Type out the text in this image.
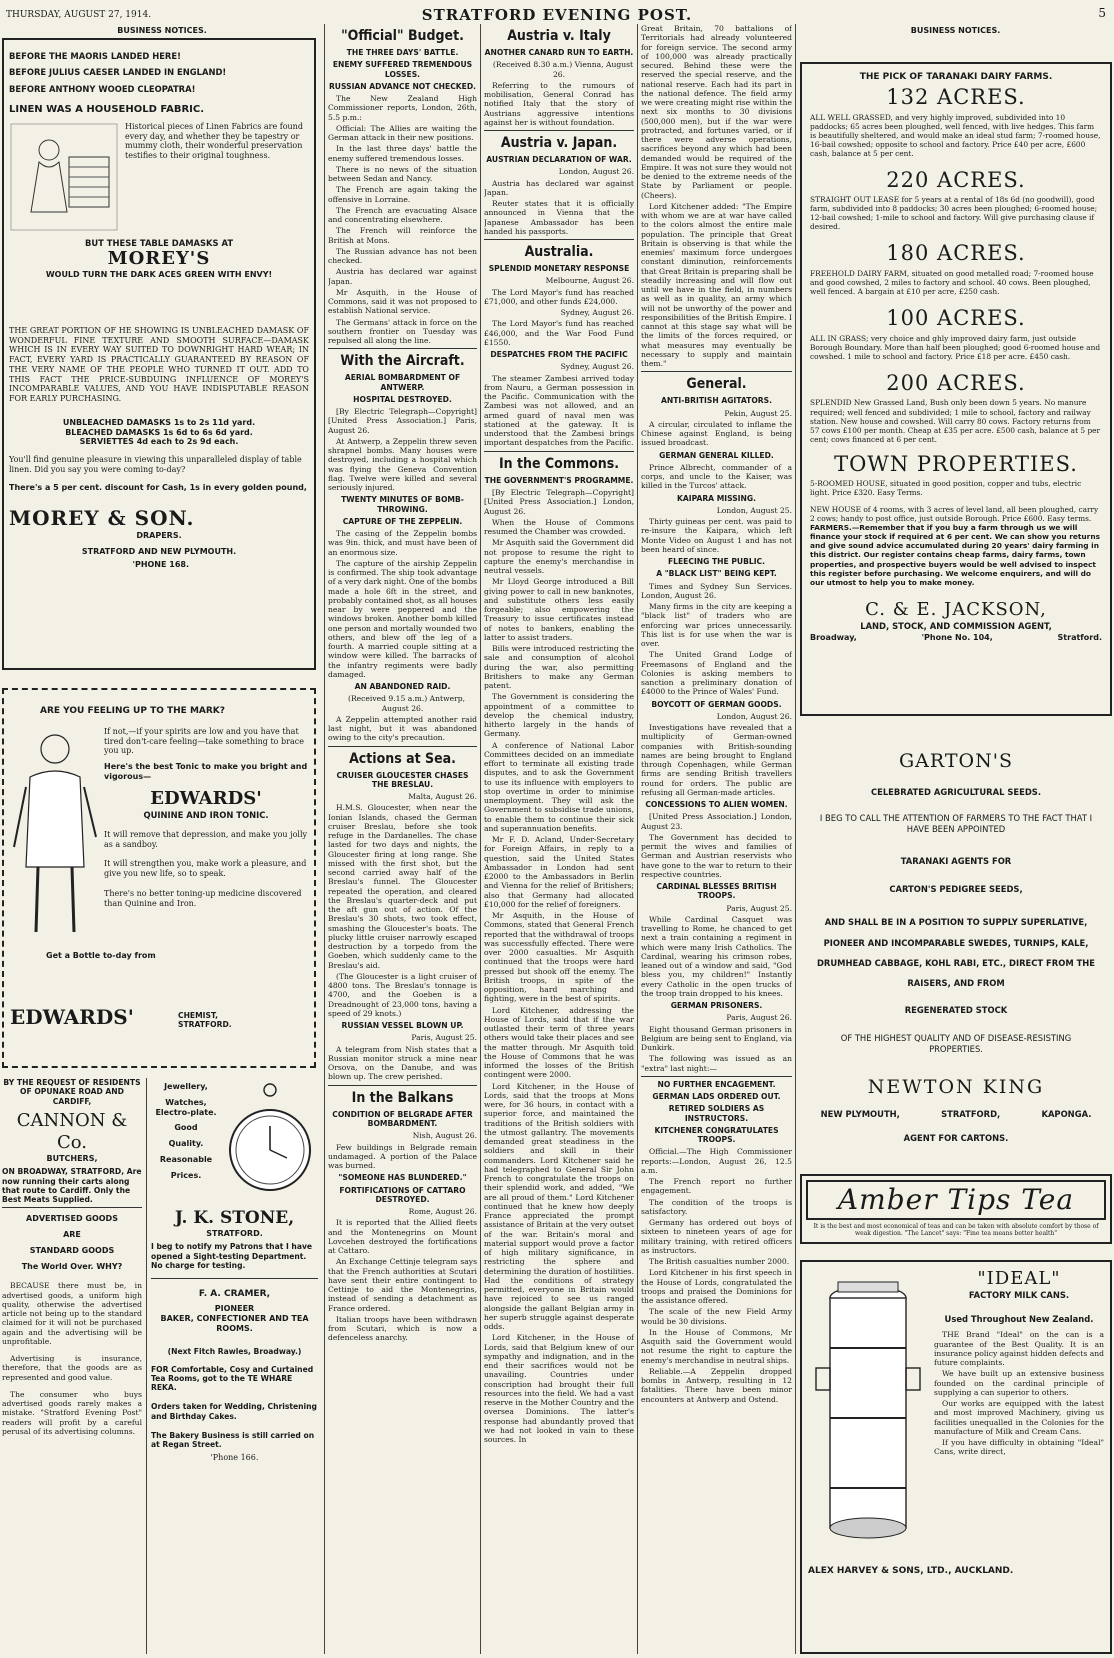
THURSDAY, AUGUST 27, 1914.	STRATFORD EVENING POST.	5
BUSINESS NOTICES.
BEFORE THE MAORIS LANDED HERE!
BEFORE JULIUS CAESER LANDED IN ENGLAND!
BEFORE ANTHONY WOOED CLEOPATRA!
LINEN WAS A HOUSEHOLD FABRIC.
Historical pieces of Linen Fabrics are found every day, and whether they be tapestry or mummy cloth, their wonderful preservation testifies to their original toughness.
BUT THESE TABLE DAMASKS AT
MOREY'S
WOULD TURN THE DARK ACES GREEN WITH ENVY!
THE GREAT PORTION OF HE SHOWING IS UNBLEACHED DAMASK OF WONDERFUL FINE TEXTURE AND SMOOTH SURFACE—DAMASK WHICH IS IN EVERY WAY SUITED TO DOWNRIGHT HARD WEAR; IN FACT, EVERY YARD IS PRACTICALLY GUARANTEED BY REASON OF THE VERY NAME OF THE PEOPLE WHO TURNED IT OUT. ADD TO THIS FACT THE PRICE-SUBDUING INFLUENCE OF MOREY'S INCOMPARABLE VALUES, AND YOU HAVE INDISPUTABLE REASON FOR EARLY PURCHASING.
UNBLEACHED DAMASKS 1s to 2s 11d yard.
BLEACHED DAMASKS 1s 6d to 6s 6d yard.
SERVIETTES 4d each to 2s 9d each.
You'll find genuine pleasure in viewing this unparalleled display of table linen. Did you say you were coming to-day?
There's a 5 per cent. discount for Cash, 1s in every golden pound,
MOREY & SON.
DRAPERS.
STRATFORD AND NEW PLYMOUTH.
'PHONE 168.
ARE YOU FEELING UP TO THE MARK?
If not,—if your spirits are low and you have that tired don't-care feeling—take something to brace you up.
Here's the best Tonic to make you bright and vigorous—
EDWARDS'
QUININE AND IRON TONIC.
It will remove that depression, and make you jolly as a sandboy.
It will strengthen you, make work a pleasure, and give you new life, so to speak.
There's no better toning-up medicine discovered than Quinine and Iron.
Get a Bottle to-day from
EDWARDS'	CHEMIST, STRATFORD.
BY THE REQUEST OF RESIDENTS OF OPUNAKE ROAD AND CARDIFF,
CANNON & Co.
BUTCHERS,
ON BROADWAY, STRATFORD, Are now running their carts along that route to Cardiff. Only the Best Meats Supplied.
ADVERTISED GOODS
ARE
STANDARD GOODS
The World Over. WHY?

BECAUSE there must be, in advertised goods, a uniform high quality, otherwise the advertised article not being up to the standard claimed for it will not be purchased again and the advertising will be unprofitable.

Advertising is insurance, therefore, that the goods are as represented and good value.

The consumer who buys advertised goods rarely makes a mistake. "Stratford Evening Post" readers will profit by a careful perusal of its advertising columns.

Jewellery,
Watches, Electro-plate.
Good
Quality.
Reasonable
Prices.
J. K. STONE,
STRATFORD.
I beg to notify my Patrons that I have opened a Sight-testing Department. No charge for testing.
F. A. CRAMER,
PIONEER
BAKER, CONFECTIONER AND TEA ROOMS.
(Next Fitch Rawles, Broadway.)
FOR Comfortable, Cosy and Curtained Tea Rooms, got to the TE WHARE REKA.
Orders taken for Wedding, Christening and Birthday Cakes.
The Bakery Business is still carried on at Regan Street.
'Phone 166.
"Official" Budget.
THE THREE DAYS' BATTLE.
ENEMY SUFFERED TREMENDOUS LOSSES.
RUSSIAN ADVANCE NOT CHECKED.

The New Zealand High Commissioner reports, London, 26th, 5.5 p.m.:

Official: The Allies are waiting the German attack in their new positions.

In the last three days' battle the enemy suffered tremendous losses.

There is no news of the situation between Sedan and Nancy.

The French are again taking the offensive in Lorraine.

The French are evacuating Alsace and concentrating elsewhere.

The French will reinforce the British at Mons.

The Russian advance has not been checked.

Austria has declared war against Japan.

Mr Asquith, in the House of Commons, said it was not proposed to establish National service.

The Germans' attack in force on the southern frontier on Tuesday was repulsed all along the line.

With the Aircraft.
AERIAL BOMBARDMENT OF ANTWERP.
HOSPITAL DESTROYED.

[By Electric Telegraph—Copyright] [United Press Association.] Paris, August 26.

At Antwerp, a Zeppelin threw seven shrapnel bombs. Many houses were destroyed, including a hospital which was flying the Geneva Convention flag. Twelve were killed and several seriously injured.

TWENTY MINUTES OF BOMB-THROWING.
CAPTURE OF THE ZEPPELIN.

The casing of the Zeppelin bombs was 9in. thick, and must have been of an enormous size.

The capture of the airship Zeppelin is confirmed. The ship took advantage of a very dark night. One of the bombs made a hole 6ft in the street, and probably contained shot, as all houses near by were peppered and the windows broken. Another bomb killed one person and mortally wounded two others, and blew off the leg of a fourth. A married couple sitting at a window were killed. The barracks of the infantry regiments were badly damaged.

AN ABANDONED RAID.

(Received 9.15 a.m.) Antwerp, August 26.

A Zeppelin attempted another raid last night, but it was abandoned owing to the city's precaution.

Actions at Sea.
CRUISER GLOUCESTER CHASES THE BRESLAU.

Malta, August 26.

H.M.S. Gloucester, when near the Ionian Islands, chased the German cruiser Breslau, before she took refuge in the Dardanelles. The chase lasted for two days and nights, the Gloucester firing at long range. She missed with the first shot, but the second carried away half of the Breslau's funnel. The Gloucester repeated the operation, and cleared the Breslau's quarter-deck and put the aft gun out of action. Of the Breslau's 30 shots, two took effect, smashing the Gloucester's boats. The plucky little cruiser narrowly escaped destruction by a torpedo from the Goeben, which suddenly came to the Breslau's aid.

(The Gloucester is a light cruiser of 4800 tons. The Breslau's tonnage is 4700, and the Goeben is a Dreadnought of 23,000 tons, having a speed of 29 knots.)

RUSSIAN VESSEL BLOWN UP.

Paris, August 25.

A telegram from Nish states that a Russian monitor struck a mine near Orsova, on the Danube, and was blown up. The crew perished.

In the Balkans
CONDITION OF BELGRADE AFTER BOMBARDMENT.

Nish, August 26.

Few buildings in Belgrade remain undamaged. A portion of the Palace was burned.

"SOMEONE HAS BLUNDERED."
FORTIFICATIONS OF CATTARO DESTROYED.

Rome, August 26.

It is reported that the Allied fleets and the Montenegrins on Mount Lovcehen destroyed the fortifications at Cattaro.

An Exchange Cettinje telegram says that the French authorities at Scutari have sent their entire contingent to Cettinje to aid the Montenegrins, instead of sending a detachment as France ordered.

Italian troops have been withdrawn from Scutari, which is now a defenceless anarchy.

Austria v. Italy
ANOTHER CANARD RUN TO EARTH.

(Received 8.30 a.m.) Vienna, August 26.

Referring to the rumours of mobilisation, General Conrad has notified Italy that the story of Austrians aggressive intentions against her is without foundation.

Austria v. Japan.
AUSTRIAN DECLARATION OF WAR.

London, August 26.

Austria has declared war against Japan.

Reuter states that it is officially announced in Vienna that the Japanese Ambassador has been handed his passports.

Australia.
SPLENDID MONETARY RESPONSE

Melbourne, August 26.

The Lord Mayor's fund has reached £71,000, and other funds £24,000.

Sydney, August 26.

The Lord Mayor's fund has reached £46,000, and the War Food Fund £1550.

DESPATCHES FROM THE PACIFIC

Sydney, August 26.

The steamer Zambesi arrived today from Nauru, a German possession in the Pacific. Communication with the Zambesi was not allowed, and an armed guard of naval men was stationed at the gateway. It is understood that the Zambesi brings important despatches from the Pacific.

In the Commons.
THE GOVERNMENT'S PROGRAMME.

[By Electric Telegraph—Copyright] [United Press Association.] London, August 26.

When the House of Commons resumed the Chamber was crowded.

Mr Asquith said the Government did not propose to resume the right to capture the enemy's merchandise in neutral vessels.

Mr Lloyd George introduced a Bill giving power to call in new banknotes, and substitute others less easily forgeable; also empowering the Treasury to issue certificates instead of notes to bankers, enabling the latter to assist traders.

Bills were introduced restricting the sale and consumption of alcohol during the war, also permitting Britishers to make any German patent.

The Government is considering the appointment of a committee to develop the chemical industry, hitherto largely in the hands of Germany.

A conference of National Labor Committees decided on an immediate effort to terminate all existing trade disputes, and to ask the Government to use its influence with employers to stop overtime in order to minimise unemployment. They will ask the Government to subsidise trade unions, to enable them to continue their sick and superannuation benefits.

Mr F. D. Acland, Under-Secretary for Foreign Affairs, in reply to a question, said the United States Ambassador in London had sent £2000 to the Ambassadors in Berlin and Vienna for the relief of Britishers; also that Germany had allocated £10,000 for the relief of foreigners.

Mr Asquith, in the House of Commons, stated that General French reported that the withdrawal of troops was successfully effected. There were over 2000 casualties. Mr Asquith continued that the troops were hard pressed but shook off the enemy. The British troops, in spite of the opposition, hard marching and fighting, were in the best of spirits.

Lord Kitchener, addressing the House of Lords, said that if the war outlasted their term of three years others would take their places and see the matter through. Mr Asquith told the House of Commons that he was informed the losses of the British contingent were 2000.

Lord Kitchener, in the House of Lords, said that the troops at Mons were, for 36 hours, in contact with a superior force, and maintained the traditions of the British soldiers with the utmost gallantry. The movements demanded great steadiness in the soldiers and skill in their commanders. Lord Kitchener said he had telegraphed to General Sir John French to congratulate the troops on their splendid work, and added, "We are all proud of them." Lord Kitchener continued that he knew how deeply France appreciated the prompt assistance of Britain at the very outset of the war. Britain's moral and material support would prove a factor of high military significance, in restricting the sphere and determining the duration of hostilities. Had the conditions of strategy permitted, everyone in Britain would have rejoiced to see us ranged alongside the gallant Belgian army in her superb struggle against desperate odds.

Lord Kitchener, in the House of Lords, said that Belgium knew of our sympathy and indignation, and in the end their sacrifices would not be unavailing. Countries under conscription had brought their full resources into the field. We had a vast reserve in the Mother Country and the oversea Dominions. The latter's response had abundantly proved that we had not looked in vain to these sources. In

Great Britain, 70 battalions of Territorials had already volunteered for foreign service. The second army of 100,000 was already practically secured. Behind these were the reserved the special reserve, and the national reserve. Each had its part in the national defence. The field army we were creating might rise within the next six months to 30 divisions (500,000 men), but if the war were protracted, and fortunes varied, or if there were adverse operations, sacrifices beyond any which had been demanded would be required of the Empire. It was not sure they would not be denied to the extreme needs of the State by Parliament or people. (Cheers).

Lord Kitchener added: "The Empire with whom we are at war have called to the colors almost the entire male population. The principle that Great Britain is observing is that while the enemies' maximum force undergoes constant diminution, reinforcements that Great Britain is preparing shall be steadily increasing and will flow out until we have in the field, in numbers as well as in quality, an army which will not be unworthy of the power and responsibilities of the British Empire. I cannot at this stage say what will be the limits of the forces required, or what measures may eventually be necessary to supply and maintain them."

General.
ANTI-BRITISH AGITATORS.

Pekin, August 25.

A circular, circulated to inflame the Chinese against England, is being issued broadcast.

GERMAN GENERAL KILLED.

Prince Albrecht, commander of a corps, and uncle to the Kaiser, was killed in the Turcos' attack.

KAIPARA MISSING.

London, August 25.

Thirty guineas per cent. was paid to re-insure the Kaipara, which left Monte Video on August 1 and has not been heard of since.

FLEECING THE PUBLIC.
A "BLACK LIST" BEING KEPT.

Times and Sydney Sun Services. London, August 26.

Many firms in the city are keeping a "black list" of traders who are enforcing war prices unnecessarily. This list is for use when the war is over.

The United Grand Lodge of Freemasons of England and the Colonies is asking members to sanction a preliminary donation of £4000 to the Prince of Wales' Fund.

BOYCOTT OF GERMAN GOODS.

London, August 26.

Investigations have revealed that a multiplicity of German-owned companies with British-sounding names are being brought to England through Copenhagen, while German firms are sending British travellers round for orders. The public are refusing all German-made articles.

CONCESSIONS TO ALIEN WOMEN.

[United Press Association.] London, August 23.

The Government has decided to permit the wives and families of German and Austrian reservists who have gone to the war to return to their respective countries.

CARDINAL BLESSES BRITISH TROOPS.

Paris, August 25.

While Cardinal Casquet was travelling to Rome, he chanced to get next a train containing a regiment in which were many Irish Catholics. The Cardinal, wearing his crimson robes, leaned out of a window and said, "God bless you, my children!" Instantly every Catholic in the open trucks of the troop train dropped to his knees.

GERMAN PRISONERS.

Paris, August 26.

Eight thousand German prisoners in Belgium are being sent to England, via Dunkirk.

The following was issued as an "extra" last night:—

NO FURTHER ENCAGEMENT.
GERMAN LADS ORDERED OUT.
RETIRED SOLDIERS AS INSTRUCTORS.
KITCHENER CONGRATULATES TROOPS.

Official.—The High Commissioner reports:—London, August 26, 12.5 a.m.

The French report no further engagement.

The condition of the troops is satisfactory.

Germany has ordered out boys of sixteen to nineteen years of age for military training, with retired officers as instructors.

The British casualties number 2000.

Lord Kitchener in his first speech in the House of Lords, congratulated the troops and praised the Dominions for the assistance offered.

The scale of the new Field Army would be 30 divisions.

In the House of Commons, Mr Asquith said the Government would not resume the right to capture the enemy's merchandise in neutral ships.

Reliable.—A Zeppelin dropped bombs in Antwerp, resulting in 12 fatalities. There have been minor encounters at Antwerp and Ostend.

BUSINESS NOTICES.
THE PICK OF TARANAKI DAIRY FARMS.
132 ACRES.
ALL WELL GRASSED, and very highly improved, subdivided into 10 paddocks; 65 acres been ploughed, well fenced, with live hedges. This farm is beautifully sheltered, and would make an ideal stud farm; 7-roomed house, 16-bail cowshed; opposite to school and factory. Price £40 per acre, £600 cash, balance at 5 per cent.
220 ACRES.
STRAIGHT OUT LEASE for 5 years at a rental of 18s 6d (no goodwill), good farm, subdivided into 8 paddocks; 30 acres been ploughed; 6-roomed house; 12-bail cowshed; 1-mile to school and factory. Will give purchasing clause if desired.
180 ACRES.
FREEHOLD DAIRY FARM, situated on good metalled road; 7-roomed house and good cowshed, 2 miles to factory and school. 40 cows. Been ploughed, well fenced. A bargain at £10 per acre, £250 cash.
100 ACRES.
ALL IN GRASS; very choice and ghly improved dairy farm, just outside Borough Boundary. More than half been ploughed; good 6-roomed house and cowshed. 1 mile to school and factory. Price £18 per acre. £450 cash.
200 ACRES.
SPLENDID New Grassed Land, Bush only been down 5 years. No manure required; well fenced and subdivided; 1 mile to school, factory and railway station. New house and cowshed. Will carry 80 cows. Factory returns from 57 cows £100 per month. Cheap at £35 per acre. £500 cash, balance at 5 per cent; cows financed at 6 per cent.
TOWN PROPERTIES.
5-ROOMED HOUSE, situated in good position, copper and tubs, electric light. Price £320. Easy Terms.
NEW HOUSE of 4 rooms, with 3 acres of level land, all been ploughed, carry 2 cows; handy to post office, just outside Borough. Price £600. Easy terms.
FARMERS.—Remember that if you buy a farm through us we will finance your stock if required at 6 per cent. We can show you returns and give sound advice accumulated during 20 years' dairy farming in this district. Our register contains cheap farms, dairy farms, town properties, and prospective buyers would be well advised to inspect this register before purchasing. We welcome enquirers, and will do our utmost to help you to make money.
C. & E. JACKSON,
LAND, STOCK, AND COMMISSION AGENT,
Broadway,	'Phone No. 104,	Stratford.
GARTON'S
CELEBRATED AGRICULTURAL SEEDS.
I BEG TO CALL THE ATTENTION OF FARMERS TO THE FACT THAT I HAVE BEEN APPOINTED
TARANAKI AGENTS FOR
CARTON'S PEDIGREE SEEDS,
AND SHALL BE IN A POSITION TO SUPPLY SUPERLATIVE, PIONEER AND INCOMPARABLE SWEDES, TURNIPS, KALE, DRUMHEAD CABBAGE, KOHL RABI, ETC., DIRECT FROM THE RAISERS, AND FROM
REGENERATED STOCK
OF THE HIGHEST QUALITY AND OF DISEASE-RESISTING PROPERTIES.
NEWTON KING
NEW PLYMOUTH,	STRATFORD,	KAPONGA.
AGENT FOR CARTONS.
Amber Tips Tea
It is the best and most economical of teas and can be taken with absolute comfort by those of weak digestion. "The Lancet" says: "Fine tea means better health"
"IDEAL"
FACTORY MILK CANS.
Used Throughout New Zealand.

THE Brand "Ideal" on the can is a guarantee of the Best Quality. It is an insurance policy against hidden defects and future complaints.

We have built up an extensive business founded on the cardinal principle of supplying a can superior to others.

Our works are equipped with the latest and most improved Machinery, giving us facilities unequalled in the Colonies for the manufacture of Milk and Cream Cans.

If you have difficulty in obtaining "Ideal" Cans, write direct,

ALEX HARVEY & SONS, LTD., AUCKLAND.
